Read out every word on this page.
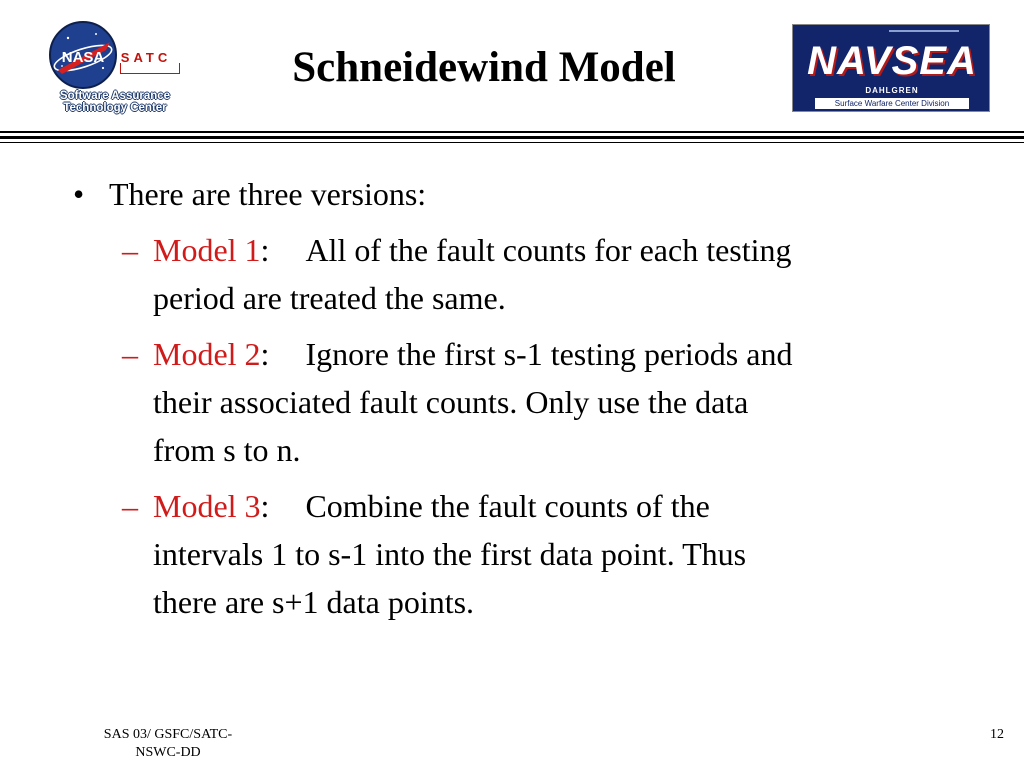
NASA	SATC
Software Assurance
Technology Center
Schneidewind Model	NAVSEA
DAHLGREN
Surface Warfare Center Division
• There are three versions:
– Model 1: All of the fault counts for each testing
period are treated the same.
– Model 2: Ignore the first s-1 testing periods and
their associated fault counts. Only use the data
from s to n.
– Model 3: Combine the fault counts of the
intervals 1 to s-1 into the first data point. Thus
there are s+1 data points.
SAS 03/ GSFC/SATC-
NSWC-DD
12
